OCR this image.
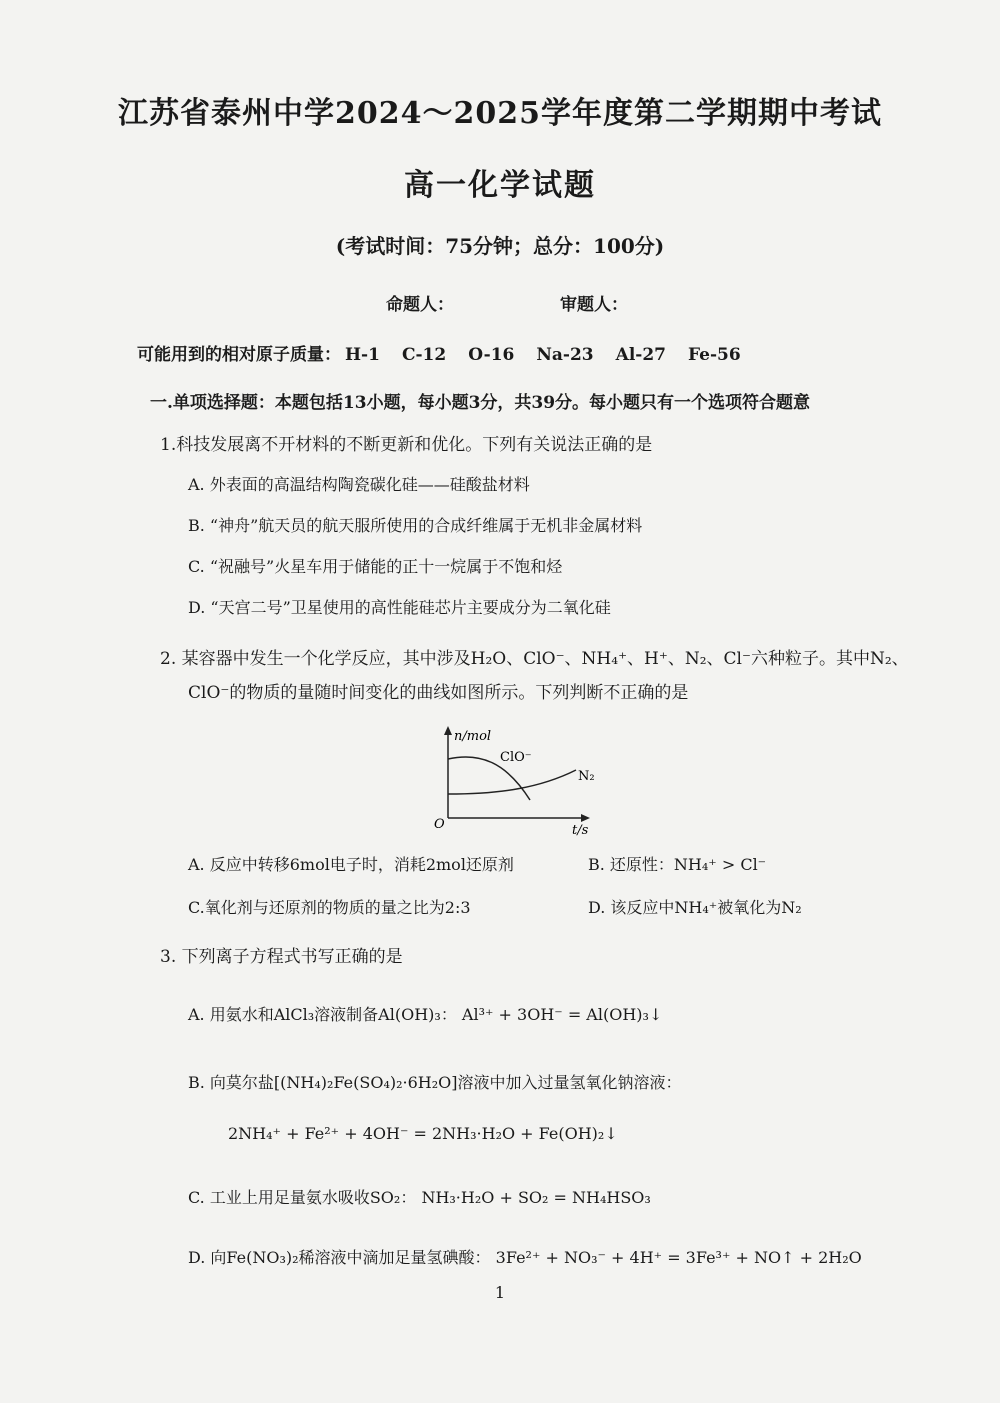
江苏省泰州中学2024～2025学年度第二学期期中考试
高一化学试题
(考试时间：75分钟；总分：100分)
命题人：	审题人：
可能用到的相对原子质量： H-1 C-12 O-16 Na-23 Al-27 Fe-56
一.单项选择题：本题包括13小题，每小题3分，共39分。每小题只有一个选项符合题意
1.科技发展离不开材料的不断更新和优化。下列有关说法正确的是
A. 外表面的高温结构陶瓷碳化硅——硅酸盐材料
B. “神舟”航天员的航天服所使用的合成纤维属于无机非金属材料
C. “祝融号”火星车用于储能的正十一烷属于不饱和烃
D. “天宫二号”卫星使用的高性能硅芯片主要成分为二氧化硅
2. 某容器中发生一个化学反应，其中涉及H₂O、ClO⁻、NH₄⁺、H⁺、N₂、Cl⁻六种粒子。其中N₂、
ClO⁻的物质的量随时间变化的曲线如图所示。下列判断不正确的是
n/mol
ClO⁻
N₂
O	t/s
A. 反应中转移6mol电子时，消耗2mol还原剂	B. 还原性：NH₄⁺ > Cl⁻
C.氧化剂与还原剂的物质的量之比为2:3	D. 该反应中NH₄⁺被氧化为N₂
3. 下列离子方程式书写正确的是
A. 用氨水和AlCl₃溶液制备Al(OH)₃： Al³⁺ + 3OH⁻ = Al(OH)₃↓
B. 向莫尔盐[(NH₄)₂Fe(SO₄)₂·6H₂O]溶液中加入过量氢氧化钠溶液：
2NH₄⁺ + Fe²⁺ + 4OH⁻ = 2NH₃·H₂O + Fe(OH)₂↓
C. 工业上用足量氨水吸收SO₂： NH₃·H₂O + SO₂ = NH₄HSO₃
D. 向Fe(NO₃)₂稀溶液中滴加足量氢碘酸： 3Fe²⁺ + NO₃⁻ + 4H⁺ = 3Fe³⁺ + NO↑ + 2H₂O
1
